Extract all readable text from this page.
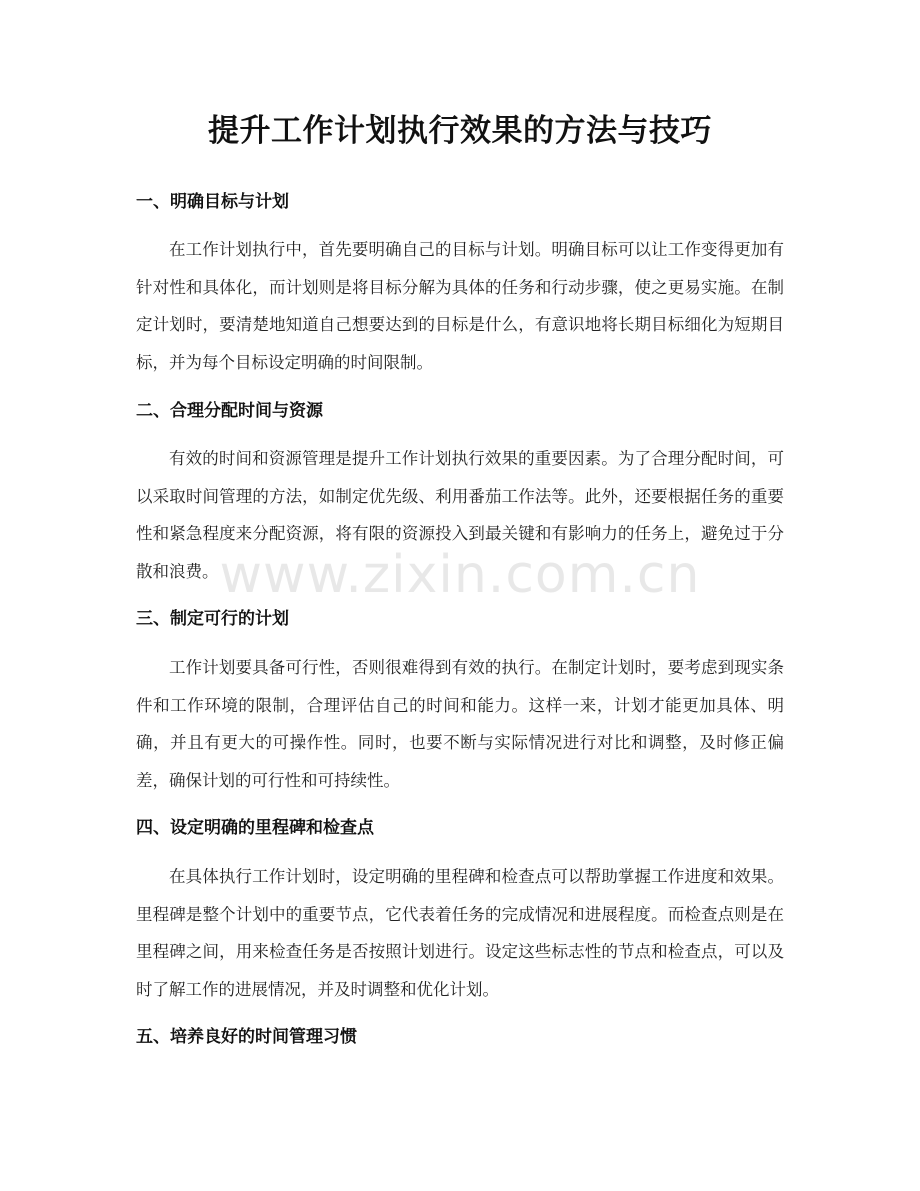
提升工作计划执行效果的方法与技巧
一、明确目标与计划
在工作计划执行中，首先要明确自己的目标与计划。明确目标可以让工作变得更加有针对性和具体化，而计划则是将目标分解为具体的任务和行动步骤，使之更易实施。在制定计划时，要清楚地知道自己想要达到的目标是什么，有意识地将长期目标细化为短期目标，并为每个目标设定明确的时间限制。
二、合理分配时间与资源
有效的时间和资源管理是提升工作计划执行效果的重要因素。为了合理分配时间，可以采取时间管理的方法，如制定优先级、利用番茄工作法等。此外，还要根据任务的重要性和紧急程度来分配资源，将有限的资源投入到最关键和有影响力的任务上，避免过于分散和浪费。
三、制定可行的计划
工作计划要具备可行性，否则很难得到有效的执行。在制定计划时，要考虑到现实条件和工作环境的限制，合理评估自己的时间和能力。这样一来，计划才能更加具体、明确，并且有更大的可操作性。同时，也要不断与实际情况进行对比和调整，及时修正偏差，确保计划的可行性和可持续性。
四、设定明确的里程碑和检查点
在具体执行工作计划时，设定明确的里程碑和检查点可以帮助掌握工作进度和效果。里程碑是整个计划中的重要节点，它代表着任务的完成情况和进展程度。而检查点则是在里程碑之间，用来检查任务是否按照计划进行。设定这些标志性的节点和检查点，可以及时了解工作的进展情况，并及时调整和优化计划。
五、培养良好的时间管理习惯
www.zixin.com.cn
